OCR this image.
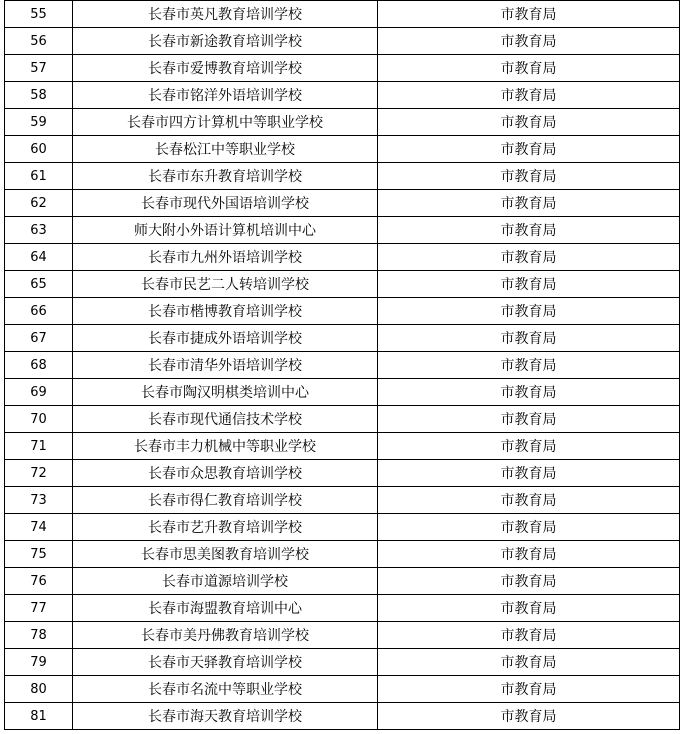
55	长春市英凡教育培训学校	市教育局
56	长春市新途教育培训学校	市教育局
57	长春市爱博教育培训学校	市教育局
58	长春市铭洋外语培训学校	市教育局
59	长春市四方计算机中等职业学校	市教育局
60	长春松江中等职业学校	市教育局
61	长春市东升教育培训学校	市教育局
62	长春市现代外国语培训学校	市教育局
63	师大附小外语计算机培训中心	市教育局
64	长春市九州外语培训学校	市教育局
65	长春市民艺二人转培训学校	市教育局
66	长春市楷博教育培训学校	市教育局
67	长春市捷成外语培训学校	市教育局
68	长春市清华外语培训学校	市教育局
69	长春市陶汉明棋类培训中心	市教育局
70	长春市现代通信技术学校	市教育局
71	长春市丰力机械中等职业学校	市教育局
72	长春市众思教育培训学校	市教育局
73	长春市得仁教育培训学校	市教育局
74	长春市艺升教育培训学校	市教育局
75	长春市思美图教育培训学校	市教育局
76	长春市道源培训学校	市教育局
77	长春市海盟教育培训中心	市教育局
78	长春市美丹佛教育培训学校	市教育局
79	长春市天驿教育培训学校	市教育局
80	长春市名流中等职业学校	市教育局
81	长春市海天教育培训学校	市教育局
